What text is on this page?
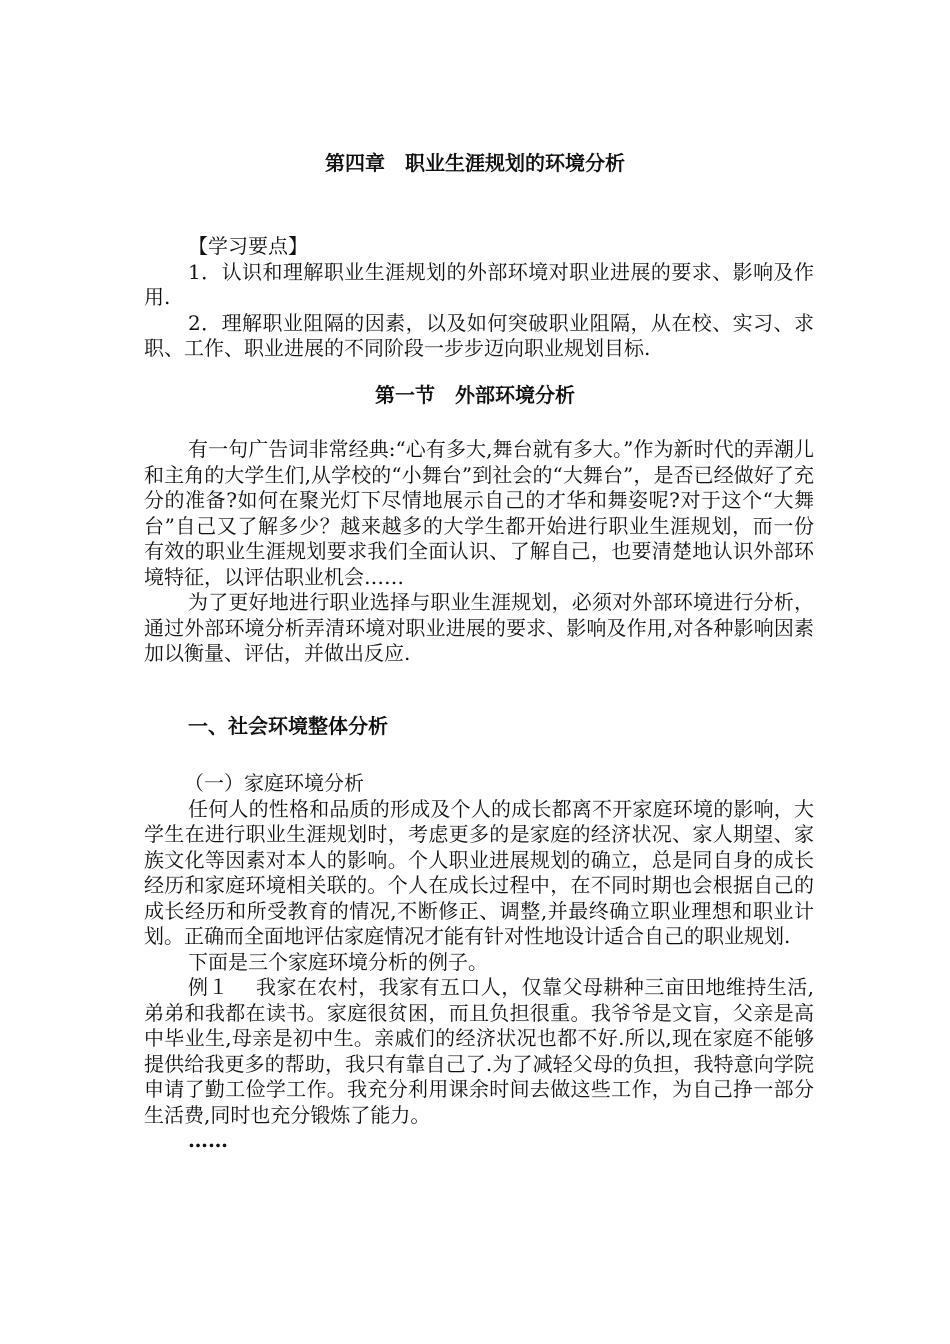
第四章　职业生涯规划的环境分析
【学习要点】

1．认识和理解职业生涯规划的外部环境对职业进展的要求、影响及作用.

2．理解职业阻隔的因素，以及如何突破职业阻隔，从在校、实习、求职、工作、职业进展的不同阶段一步步迈向职业规划目标.

第一节　外部环境分析

有一句广告词非常经典:“心有多大,舞台就有多大。”作为新时代的弄潮儿和主角的大学生们,从学校的“小舞台”到社会的“大舞台”，是否已经做好了充分的准备?如何在聚光灯下尽情地展示自己的才华和舞姿呢?对于这个“大舞台”自己又了解多少？越来越多的大学生都开始进行职业生涯规划，而一份有效的职业生涯规划要求我们全面认识、了解自己，也要清楚地认识外部环境特征，以评估职业机会……

为了更好地进行职业选择与职业生涯规划，必须对外部环境进行分析，通过外部环境分析弄清环境对职业进展的要求、影响及作用,对各种影响因素加以衡量、评估，并做出反应.

一、社会环境整体分析
（一）家庭环境分析

任何人的性格和品质的形成及个人的成长都离不开家庭环境的影响，大学生在进行职业生涯规划时，考虑更多的是家庭的经济状况、家人期望、家族文化等因素对本人的影响。个人职业进展规划的确立，总是同自身的成长经历和家庭环境相关联的。个人在成长过程中，在不同时期也会根据自己的成长经历和所受教育的情况,不断修正、调整,并最终确立职业理想和职业计划。正确而全面地评估家庭情况才能有针对性地设计适合自己的职业规划.

下面是三个家庭环境分析的例子。

例１　 我家在农村，我家有五口人，仅靠父母耕种三亩田地维持生活,弟弟和我都在读书。家庭很贫困，而且负担很重。我爷爷是文盲，父亲是高中毕业生,母亲是初中生。亲戚们的经济状况也都不好.所以,现在家庭不能够提供给我更多的帮助，我只有靠自己了.为了减轻父母的负担，我特意向学院申请了勤工俭学工作。我充分利用课余时间去做这些工作，为自己挣一部分生活费,同时也充分锻炼了能力。

……
